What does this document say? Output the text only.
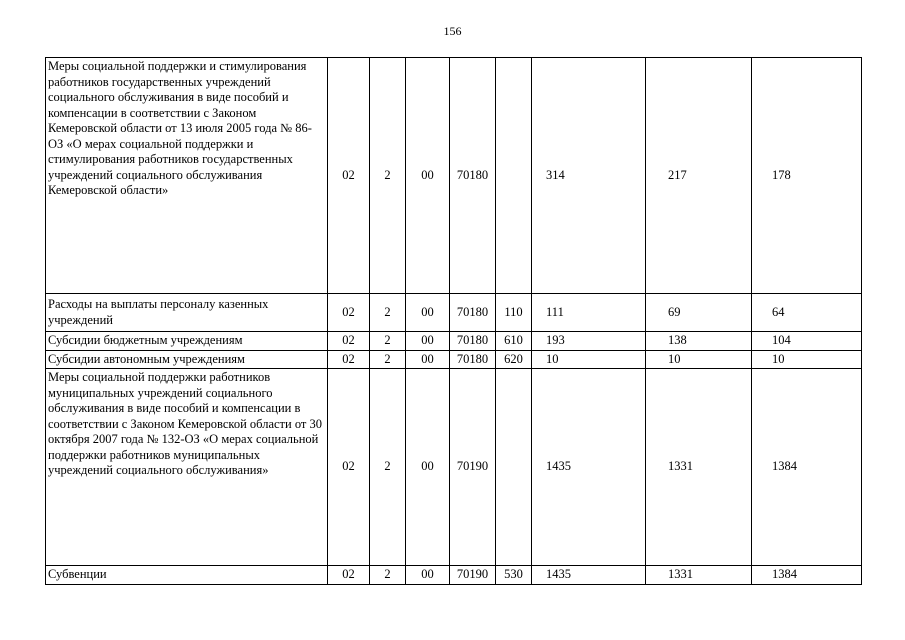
156
Меры социальной поддержки и стимулирования работников государственных учреждений социального обслуживания в виде пособий и компенсации в соответствии с Законом Кемеровской области от 13 июля 2005 года № 86-ОЗ «О мерах социальной поддержки и стимулирования работников государственных учреждений социального обслуживания Кемеровской области»	02	2	00	70180		314	217	178
Расходы на выплаты персоналу казенных учреждений	02	2	00	70180	110	111	69	64
Субсидии бюджетным учреждениям	02	2	00	70180	610	193	138	104
Субсидии автономным учреждениям	02	2	00	70180	620	10	10	10
Меры социальной поддержки работников муниципальных учреждений социального обслуживания в виде пособий и компенсации в соответствии с Законом Кемеровской области от 30 октября 2007 года № 132-ОЗ «О мерах социальной поддержки работников муниципальных учреждений социального обслуживания»	02	2	00	70190		1435	1331	1384
Субвенции	02	2	00	70190	530	1435	1331	1384
